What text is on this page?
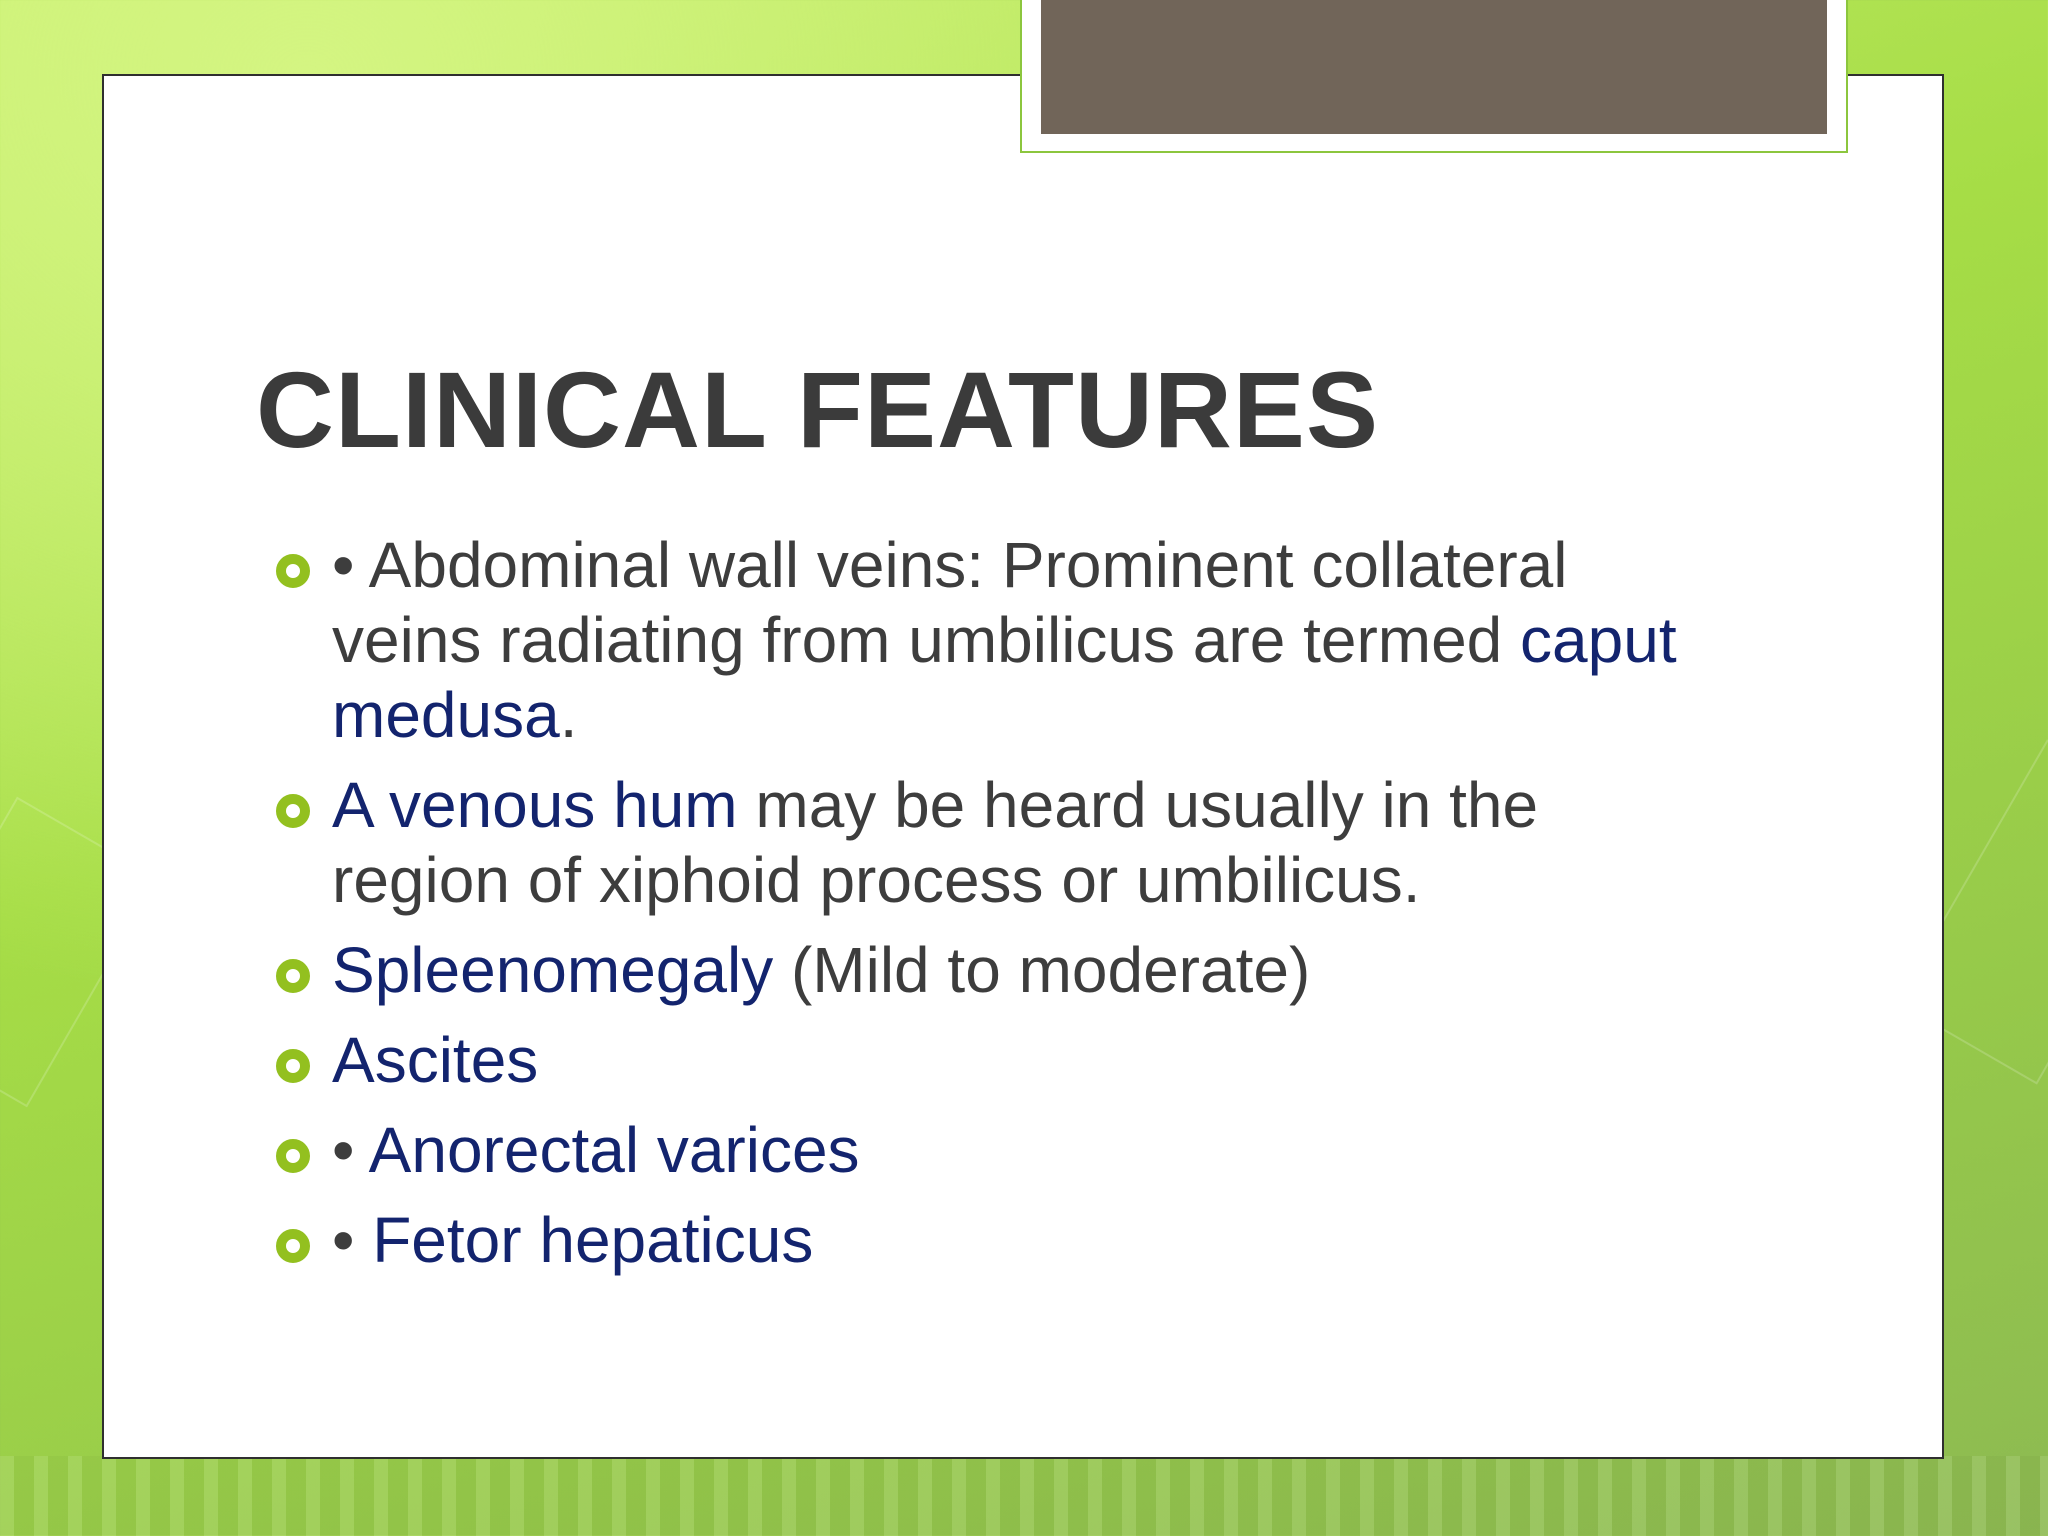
CLINICAL FEATURES
• Abdominal wall veins: Prominent collateral veins radiating from umbilicus are termed caput medusa.
A venous hum may be heard usually in the region of xiphoid process or umbilicus.
Spleenomegaly (Mild to moderate)
Ascites
• Anorectal varices
• Fetor hepaticus
